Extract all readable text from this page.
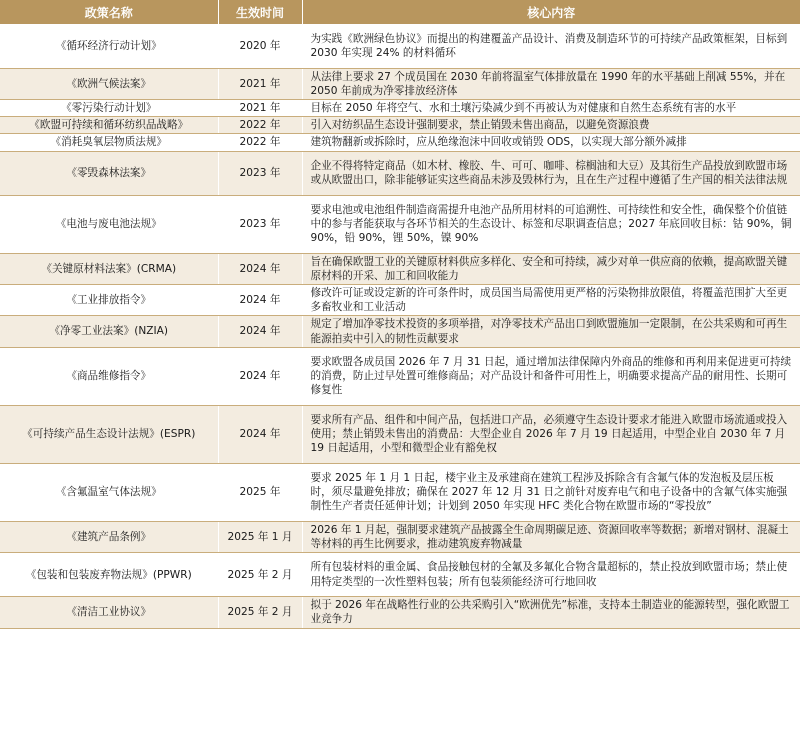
政策名称	生效时间	核心内容
《循环经济行动计划》	2020 年	为实践《欧洲绿色协议》而提出的构建覆盖产品设计、消费及制造环节的可持续产品政策框架，目标到 2030 年实现 24% 的材料循环
《欧洲气候法案》	2021 年	从法律上要求 27 个成员国在 2030 年前将温室气体排放量在 1990 年的水平基础上削减 55%，并在 2050 年前成为净零排放经济体
《零污染行动计划》	2021 年	目标在 2050 年将空气、水和土壤污染减少到不再被认为对健康和自然生态系统有害的水平
《欧盟可持续和循环纺织品战略》	2022 年	引入对纺织品生态设计强制要求，禁止销毁未售出商品，以避免资源浪费
《消耗臭氧层物质法规》	2022 年	建筑物翻新或拆除时，应从绝缘泡沫中回收或销毁 ODS，以实现大部分额外减排
《零毁森林法案》	2023 年	企业不得将特定商品（如木材、橡胶、牛、可可、咖啡、棕榈油和大豆）及其衍生产品投放到欧盟市场或从欧盟出口，除非能够证实这些商品未涉及毁林行为，且在生产过程中遵循了生产国的相关法律法规
《电池与废电池法规》	2023 年	要求电池或电池组件制造商需提升电池产品所用材料的可追溯性、可持续性和安全性，确保整个价值链中的参与者能获取与各环节相关的生态设计、标签和尽职调查信息；2027 年底回收目标：钴 90%，铜 90%，铅 90%，锂 50%，镍 90%
《关键原材料法案》(CRMA)	2024 年	旨在确保欧盟工业的关键原材料供应多样化、安全和可持续，减少对单一供应商的依赖，提高欧盟关键原材料的开采、加工和回收能力
《工业排放指令》	2024 年	修改许可证或设定新的许可条件时，成员国当局需使用更严格的污染物排放限值，将覆盖范围扩大至更多畜牧业和工业活动
《净零工业法案》(NZIA)	2024 年	规定了增加净零技术投资的多项举措，对净零技术产品出口到欧盟施加一定限制，在公共采购和可再生能源拍卖中引入的韧性贡献要求
《商品维修指令》	2024 年	要求欧盟各成员国 2026 年 7 月 31 日起，通过增加法律保障内外商品的维修和再利用来促进更可持续的消费，防止过早处置可维修商品；对产品设计和备件可用性上，明确要求提高产品的耐用性、长期可修复性
《可持续产品生态设计法规》(ESPR)	2024 年	要求所有产品、组件和中间产品，包括进口产品，必须遵守生态设计要求才能进入欧盟市场流通或投入使用；禁止销毁未售出的消费品：大型企业自 2026 年 7 月 19 日起适用，中型企业自 2030 年 7 月 19 日起适用，小型和微型企业有豁免权
《含氟温室气体法规》	2025 年	要求 2025 年 1 月 1 日起，楼宇业主及承建商在建筑工程涉及拆除含有含氟气体的发泡板及层压板时，须尽量避免排放；确保在 2027 年 12 月 31 日之前针对废弃电气和电子设备中的含氟气体实施强制性生产者责任延伸计划；计划到 2050 年实现 HFC 类化合物在欧盟市场的“零投放”
《建筑产品条例》	2025 年 1 月	2026 年 1 月起，强制要求建筑产品披露全生命周期碳足迹、资源回收率等数据；新增对钢材、混凝土等材料的再生比例要求，推动建筑废弃物减量
《包装和包装废弃物法规》(PPWR)	2025 年 2 月	所有包装材料的重金属、食品接触包材的全氟及多氟化合物含量超标的，禁止投放到欧盟市场；禁止使用特定类型的一次性塑料包装；所有包装须能经济可行地回收
《清洁工业协议》	2025 年 2 月	拟于 2026 年在战略性行业的公共采购引入“欧洲优先”标准，支持本土制造业的能源转型，强化欧盟工业竞争力
